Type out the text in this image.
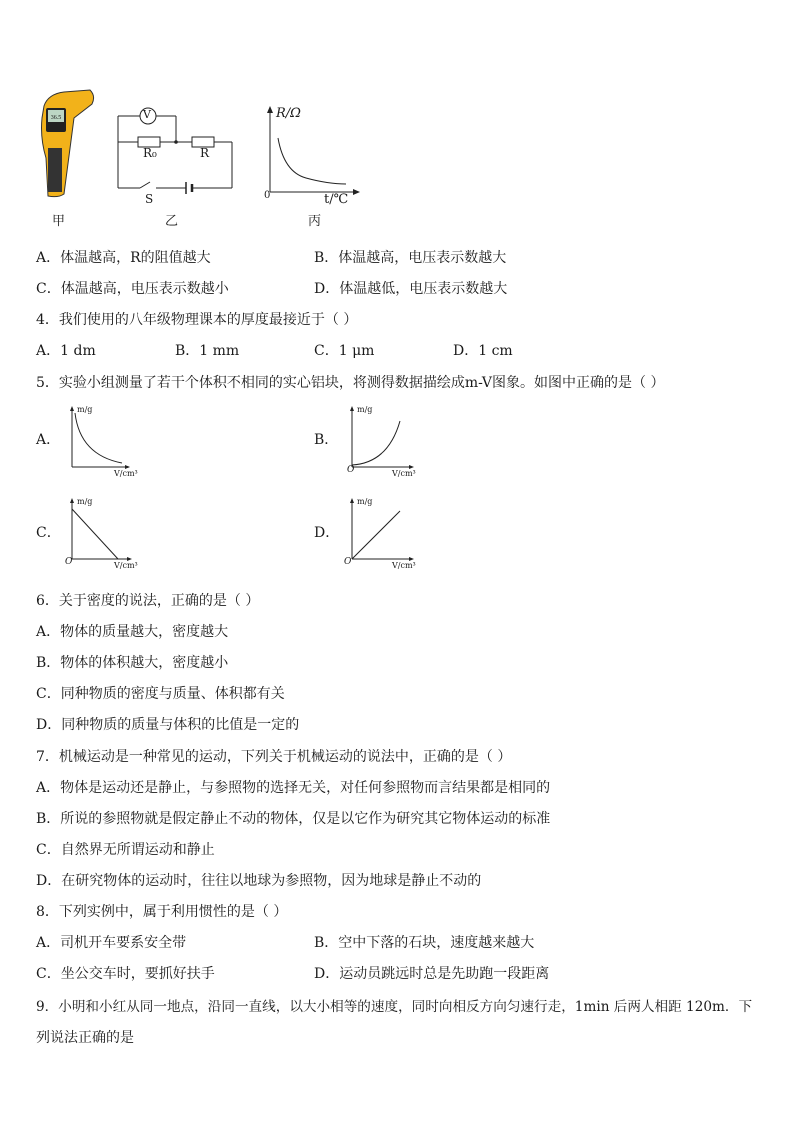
36.5
甲
V
R₀	R
S
乙
R/Ω
0	t/℃
丙
A．体温越高，R的阻值越大	B．体温越高，电压表示数越大
C．体温越高，电压表示数越小	D．体温越低，电压表示数越大
4．我们使用的八年级物理课本的厚度最接近于（ ）
A．1 dm	B．1 mm	C．1 μm	D．1 cm
5．实验小组测量了若干个体积不相同的实心铝块，将测得数据描绘成m-V图象。如图中正确的是（ ）
A．
m/g
V/cm³
B．
m/g
O	V/cm³
C．
m/g
O	V/cm³
D．
m/g
O	V/cm³
6．关于密度的说法，正确的是（ ）
A．物体的质量越大，密度越大
B．物体的体积越大，密度越小
C．同种物质的密度与质量、体积都有关
D．同种物质的质量与体积的比值是一定的
7．机械运动是一种常见的运动，下列关于机械运动的说法中，正确的是（ ）
A．物体是运动还是静止，与参照物的选择无关，对任何参照物而言结果都是相同的
B．所说的参照物就是假定静止不动的物体，仅是以它作为研究其它物体运动的标准
C．自然界无所谓运动和静止
D．在研究物体的运动时，往往以地球为参照物，因为地球是静止不动的
8．下列实例中，属于利用惯性的是（ ）
A．司机开车要系安全带	B．空中下落的石块，速度越来越大
C．坐公交车时，要抓好扶手	D．运动员跳远时总是先助跑一段距离
9．小明和小红从同一地点，沿同一直线，以大小相等的速度，同时向相反方向匀速行走，1min 后两人相距 120m．下
列说法正确的是
